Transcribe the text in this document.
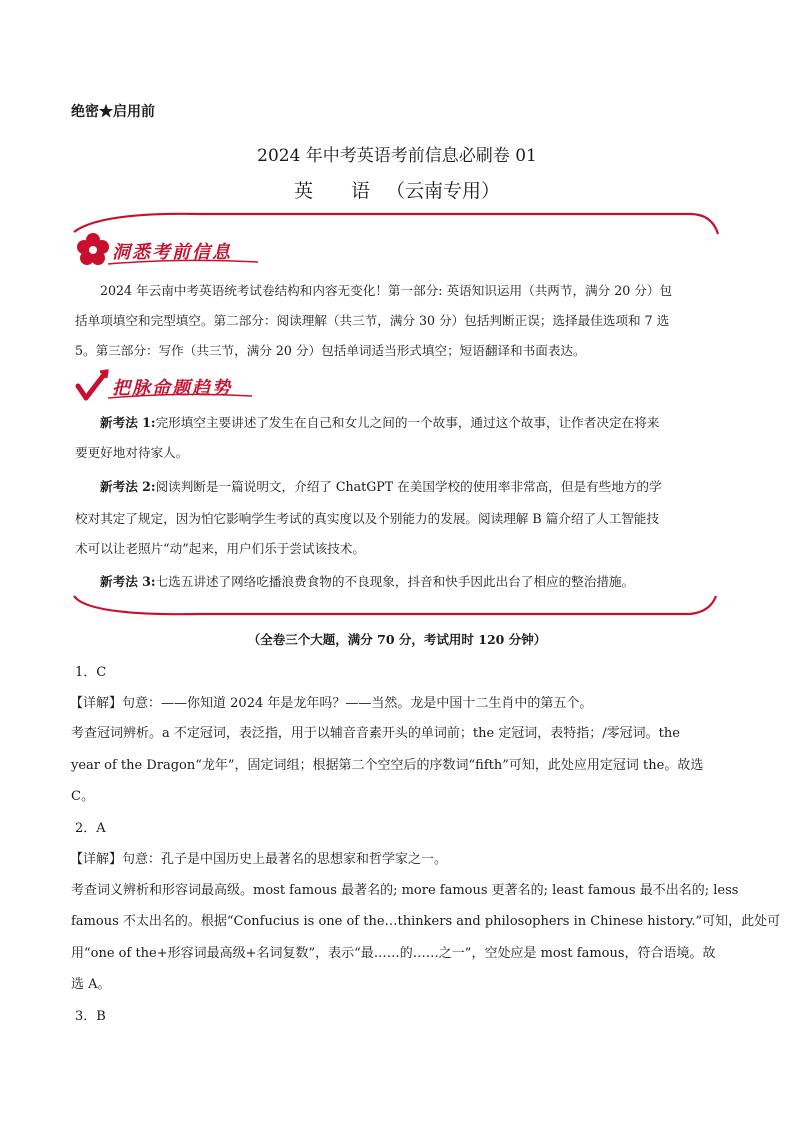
绝密★启用前
2024 年中考英语考前信息必刷卷 01
英 语（云南专用）
洞悉考前信息
2024 年云南中考英语统考试卷结构和内容无变化！第一部分: 英语知识运用（共两节，满分 20 分）包
括单项填空和完型填空。第二部分：阅读理解（共三节，满分 30 分）包括判断正误；选择最佳选项和 7 选
5。第三部分：写作（共三节，满分 20 分）包括单词适当形式填空；短语翻译和书面表达。
把脉命题趋势
新考法 1:完形填空主要讲述了发生在自己和女儿之间的一个故事，通过这个故事，让作者决定在将来
要更好地对待家人。
新考法 2:阅读判断是一篇说明文，介绍了 ChatGPT 在美国学校的使用率非常高，但是有些地方的学
校对其定了规定，因为怕它影响学生考试的真实度以及个别能力的发展。阅读理解 B 篇介绍了人工智能技
术可以让老照片“动”起来，用户们乐于尝试该技术。
新考法 3:七选五讲述了网络吃播浪费食物的不良现象，抖音和快手因此出台了相应的整治措施。
（全卷三个大题，满分 70 分，考试用时 120 分钟）
1．C
【详解】句意：——你知道 2024 年是龙年吗？——当然。龙是中国十二生肖中的第五个。
考查冠词辨析。a 不定冠词，表泛指，用于以辅音音素开头的单词前；the 定冠词，表特指；/零冠词。the
year of the Dragon“龙年”，固定词组；根据第二个空空后的序数词“fifth”可知，此处应用定冠词 the。故选
C。
2．A
【详解】句意：孔子是中国历史上最著名的思想家和哲学家之一。
考查词义辨析和形容词最高级。most famous 最著名的; more famous 更著名的; least famous 最不出名的; less
famous 不太出名的。根据“Confucius is one of the…thinkers and philosophers in Chinese history.”可知，此处可
用“one of the+形容词最高级+名词复数”，表示“最……的……之一”，空处应是 most famous，符合语境。故
选 A。
3．B
